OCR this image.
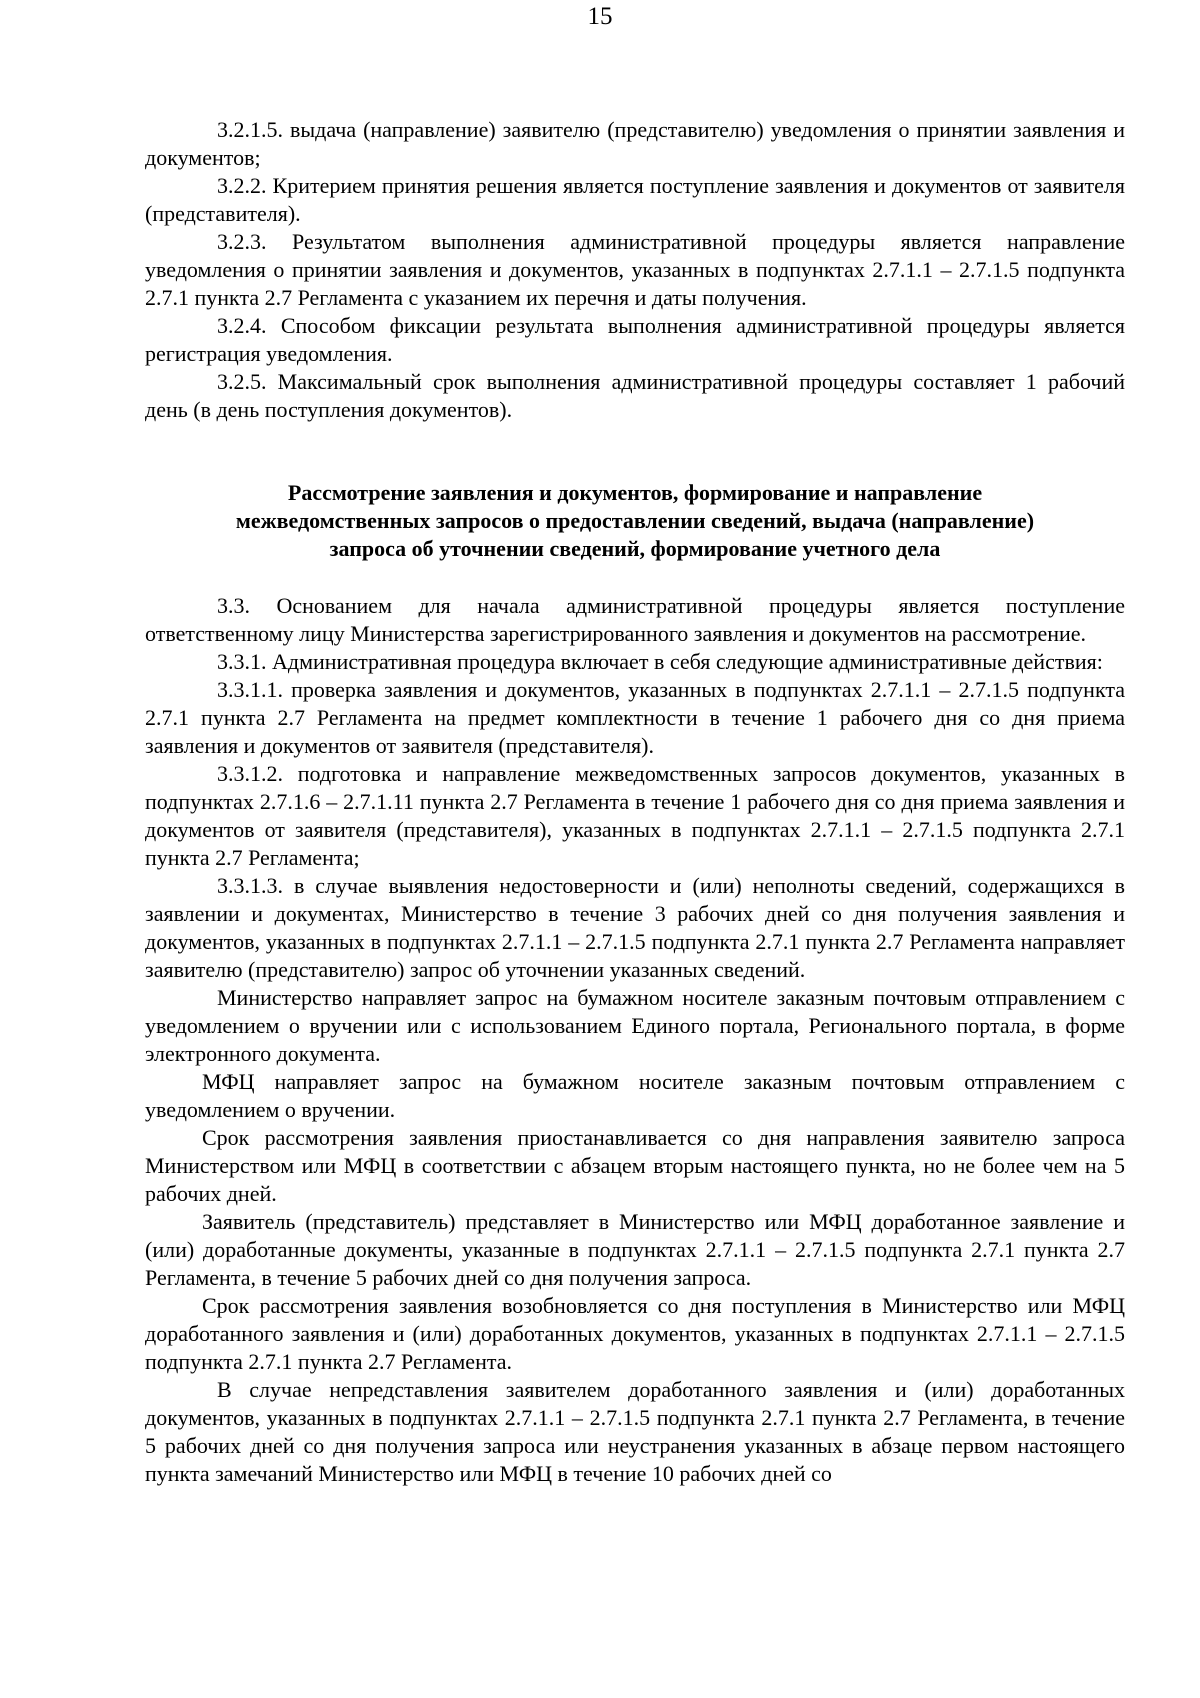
15

3.2.1.5. выдача (направление) заявителю (представителю) уведомления о принятии заявления и документов;

3.2.2. Критерием принятия решения является поступление заявления и документов от заявителя (представителя).

3.2.3. Результатом выполнения административной процедуры является направление уведомления о принятии заявления и документов, указанных в подпунктах 2.7.1.1 – 2.7.1.5 подпункта 2.7.1 пункта 2.7 Регламента с указанием их перечня и даты получения.

3.2.4. Способом фиксации результата выполнения административной процедуры является регистрация уведомления.

3.2.5. Максимальный срок выполнения административной процедуры составляет 1 рабочий день (в день поступления документов).

Рассмотрение заявления и документов, формирование и направление
межведомственных запросов о предоставлении сведений, выдача (направление)
запроса об уточнении сведений, формирование учетного дела

3.3. Основанием для начала административной процедуры является поступление ответственному лицу Министерства зарегистрированного заявления и документов на рассмотрение.

3.3.1. Административная процедура включает в себя следующие административные действия:

3.3.1.1. проверка заявления и документов, указанных в подпунктах 2.7.1.1 – 2.7.1.5 подпункта 2.7.1 пункта 2.7 Регламента на предмет комплектности в течение 1 рабочего дня со дня приема заявления и документов от заявителя (представителя).

3.3.1.2. подготовка и направление межведомственных запросов документов, указанных в подпунктах 2.7.1.6 – 2.7.1.11 пункта 2.7 Регламента в течение 1 рабочего дня со дня приема заявления и документов от заявителя (представителя), указанных в подпунктах 2.7.1.1 – 2.7.1.5 подпункта 2.7.1 пункта 2.7 Регламента;

3.3.1.3. в случае выявления недостоверности и (или) неполноты сведений, содержащихся в заявлении и документах, Министерство в течение 3 рабочих дней со дня получения заявления и документов, указанных в подпунктах 2.7.1.1 – 2.7.1.5 подпункта 2.7.1 пункта 2.7 Регламента направляет заявителю (представителю) запрос об уточнении указанных сведений.

Министерство направляет запрос на бумажном носителе заказным почтовым отправлением с уведомлением о вручении или с использованием Единого портала, Регионального портала, в форме электронного документа.

МФЦ направляет запрос на бумажном носителе заказным почтовым отправлением с уведомлением о вручении.

Срок рассмотрения заявления приостанавливается со дня направления заявителю запроса Министерством или МФЦ в соответствии с абзацем вторым настоящего пункта, но не более чем на 5 рабочих дней.

Заявитель (представитель) представляет в Министерство или МФЦ доработанное заявление и (или) доработанные документы, указанные в подпунктах 2.7.1.1 – 2.7.1.5 подпункта 2.7.1 пункта 2.7 Регламента, в течение 5 рабочих дней со дня получения запроса.

Срок рассмотрения заявления возобновляется со дня поступления в Министерство или МФЦ доработанного заявления и (или) доработанных документов, указанных в подпунктах 2.7.1.1 – 2.7.1.5 подпункта 2.7.1 пункта 2.7 Регламента.

В случае непредставления заявителем доработанного заявления и (или) доработанных документов, указанных в подпунктах 2.7.1.1 – 2.7.1.5 подпункта 2.7.1 пункта 2.7 Регламента, в течение 5 рабочих дней со дня получения запроса или неустранения указанных в абзаце первом настоящего пункта замечаний Министерство или МФЦ в течение 10 рабочих дней со
